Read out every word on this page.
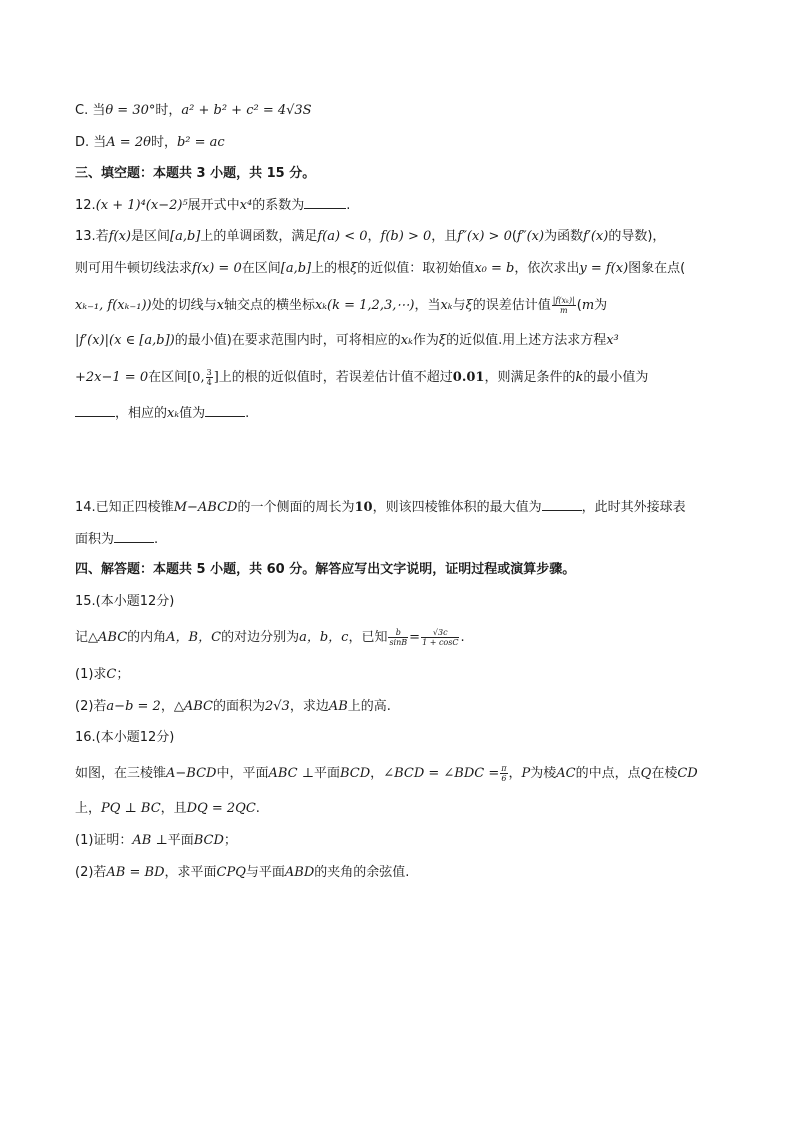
C. 当θ = 30°时，a² + b² + c² = 4√3S
D. 当A = 2θ时，b² = ac
三、填空题：本题共 3 小题，共 15 分。
12.(x + 1)⁴(x−2)⁵展开式中x⁴的系数为	.
13.若f(x)是区间[a,b]上的单调函数，满足f(a) < 0，f(b) > 0，且f″(x) > 0(f″(x)为函数f′(x)的导数)，
则可用牛顿切线法求f(x) = 0在区间[a,b]上的根ξ的近似值：取初始值x₀ = b，依次求出y = f(x)图象在点(
xₖ₋₁, f(xₖ₋₁))处的切线与x轴交点的横坐标xₖ(k = 1,2,3,⋯)，当xₖ与ξ的误差估计值 $\frac{\text{|f(xₖ)|}}{m} (m$为
|f′(x)|(x ∈ [a,b])的最小值)在要求范围内时，可将相应的xₖ作为ξ的近似值.用上述方法求方程x³
+2x−1 = 0在区间[0, $\frac{3}{4}$ ]上的根的近似值时，若误差估计值不超过0.01，则满足条件的k的最小值为
，相应的xₖ值为	.
14.已知正四棱锥M−ABCD的一个侧面的周长为10，则该四棱锥体积的最大值为	，此时其外接球表
面积为	.
四、解答题：本题共 5 小题，共 60 分。解答应写出文字说明，证明过程或演算步骤。
15.(本小题12分)
记△ABC的内角A，B，C的对边分别为a，b，c，已知 $\frac{b}{\sin B} = \frac{√3c}{1 + \cos C}$ .
(1)求C；
(2)若a−b = 2，△ABC的面积为2√3，求边AB上的高.
16.(本小题12分)
如图，在三棱锥A−BCD中，平面ABC ⊥平面BCD，∠BCD = ∠BDC = $\frac{\pi}{6}$ ，P为棱AC的中点，点Q在棱CD
上，PQ ⊥ BC，且DQ = 2QC.
(1)证明：AB ⊥平面BCD；
(2)若AB = BD，求平面CPQ与平面ABD的夹角的余弦值.
